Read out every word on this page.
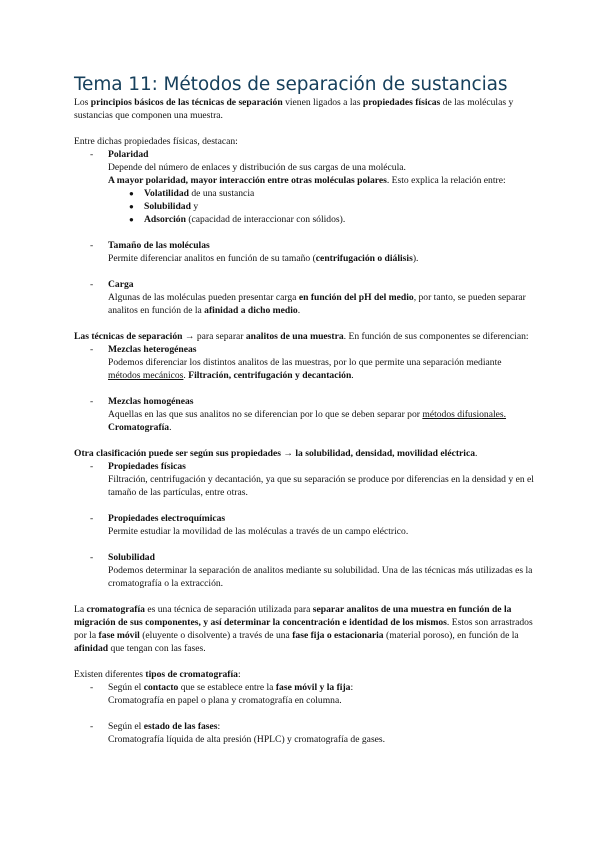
Tema 11: Métodos de separación de sustancias

Los principios básicos de las técnicas de separación vienen ligados a las propiedades físicas de las moléculas y sustancias que componen una muestra.

Entre dichas propiedades físicas, destacan:

- Polaridad

Depende del número de enlaces y distribución de sus cargas de una molécula.

A mayor polaridad, mayor interacción entre otras moléculas polares. Esto explica la relación entre:

● Volatilidad de una sustancia
● Solubilidad y
● Adsorción (capacidad de interaccionar con sólidos).
- Tamaño de las moléculas

Permite diferenciar analitos en función de su tamaño (centrifugación o diálisis).

- Carga

Algunas de las moléculas pueden presentar carga en función del pH del medio, por tanto, se pueden separar analitos en función de la afinidad a dicho medio.

Las técnicas de separación → para separar analitos de una muestra. En función de sus componentes se diferencian:

- Mezclas heterogéneas

Podemos diferenciar los distintos analitos de las muestras, por lo que permite una separación mediante métodos mecánicos. Filtración, centrifugación y decantación.

- Mezclas homogéneas

Aquellas en las que sus analitos no se diferencian por lo que se deben separar por métodos difusionales. Cromatografía.

Otra clasificación puede ser según sus propiedades → la solubilidad, densidad, movilidad eléctrica.

- Propiedades físicas

Filtración, centrifugación y decantación, ya que su separación se produce por diferencias en la densidad y en el tamaño de las partículas, entre otras.

- Propiedades electroquímicas

Permite estudiar la movilidad de las moléculas a través de un campo eléctrico.

- Solubilidad

Podemos determinar la separación de analitos mediante su solubilidad. Una de las técnicas más utilizadas es la cromatografía o la extracción.

La cromatografía es una técnica de separación utilizada para separar analitos de una muestra en función de la migración de sus componentes, y así determinar la concentración e identidad de los mismos. Estos son arrastrados por la fase móvil (eluyente o disolvente) a través de una fase fija o estacionaria (material poroso), en función de la afinidad que tengan con las fases.

Existen diferentes tipos de cromatografía:

- Según el contacto que se establece entre la fase móvil y la fija:

Cromatografía en papel o plana y cromatografía en columna.

- Según el estado de las fases:

Cromatografía líquida de alta presión (HPLC) y cromatografía de gases.
